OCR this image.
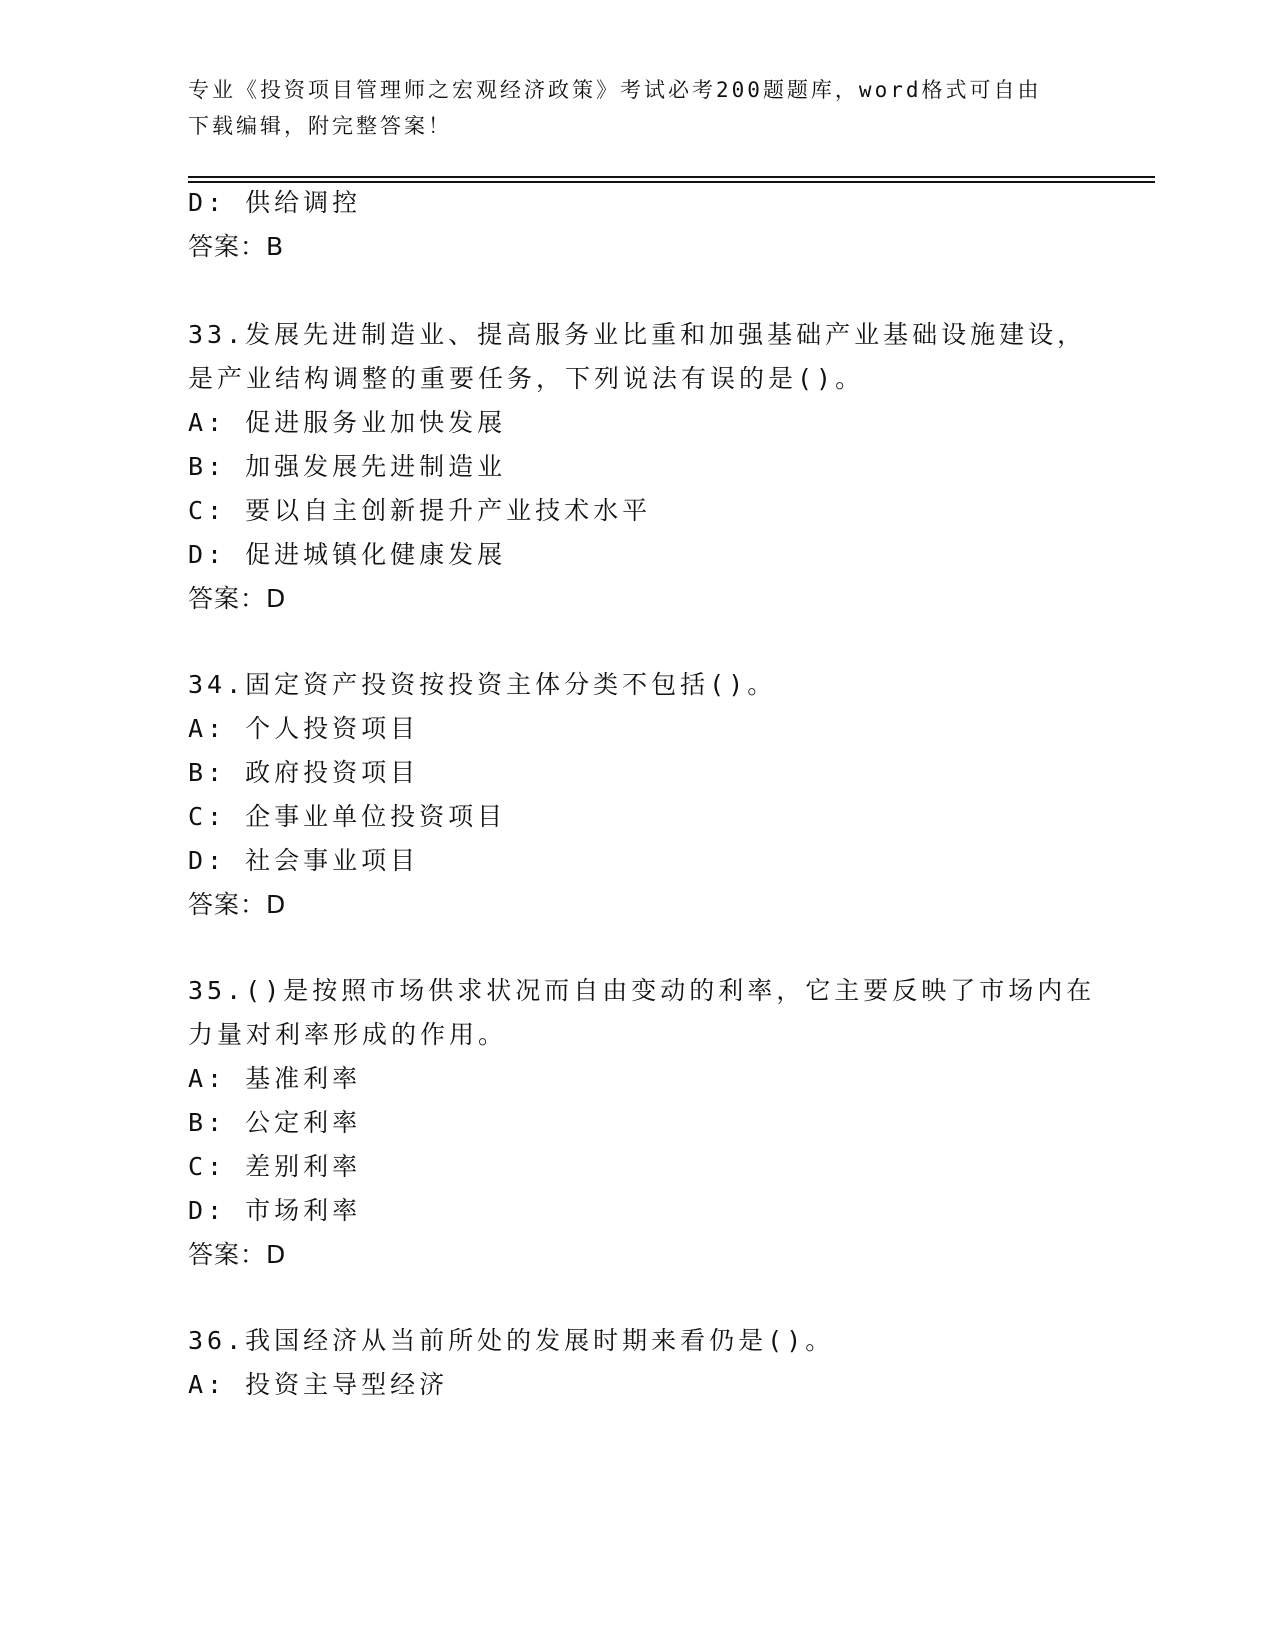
专业《投资项目管理师之宏观经济政策》考试必考200题题库，word格式可自由
下载编辑，附完整答案！
D: 供给调控
答案：B
33.发展先进制造业、提高服务业比重和加强基础产业基础设施建设，
是产业结构调整的重要任务，下列说法有误的是()。
A: 促进服务业加快发展
B: 加强发展先进制造业
C: 要以自主创新提升产业技术水平
D: 促进城镇化健康发展
答案：D
34.固定资产投资按投资主体分类不包括()。
A: 个人投资项目
B: 政府投资项目
C: 企事业单位投资项目
D: 社会事业项目
答案：D
35.()是按照市场供求状况而自由变动的利率，它主要反映了市场内在
力量对利率形成的作用。
A: 基准利率
B: 公定利率
C: 差别利率
D: 市场利率
答案：D
36.我国经济从当前所处的发展时期来看仍是()。
A: 投资主导型经济
